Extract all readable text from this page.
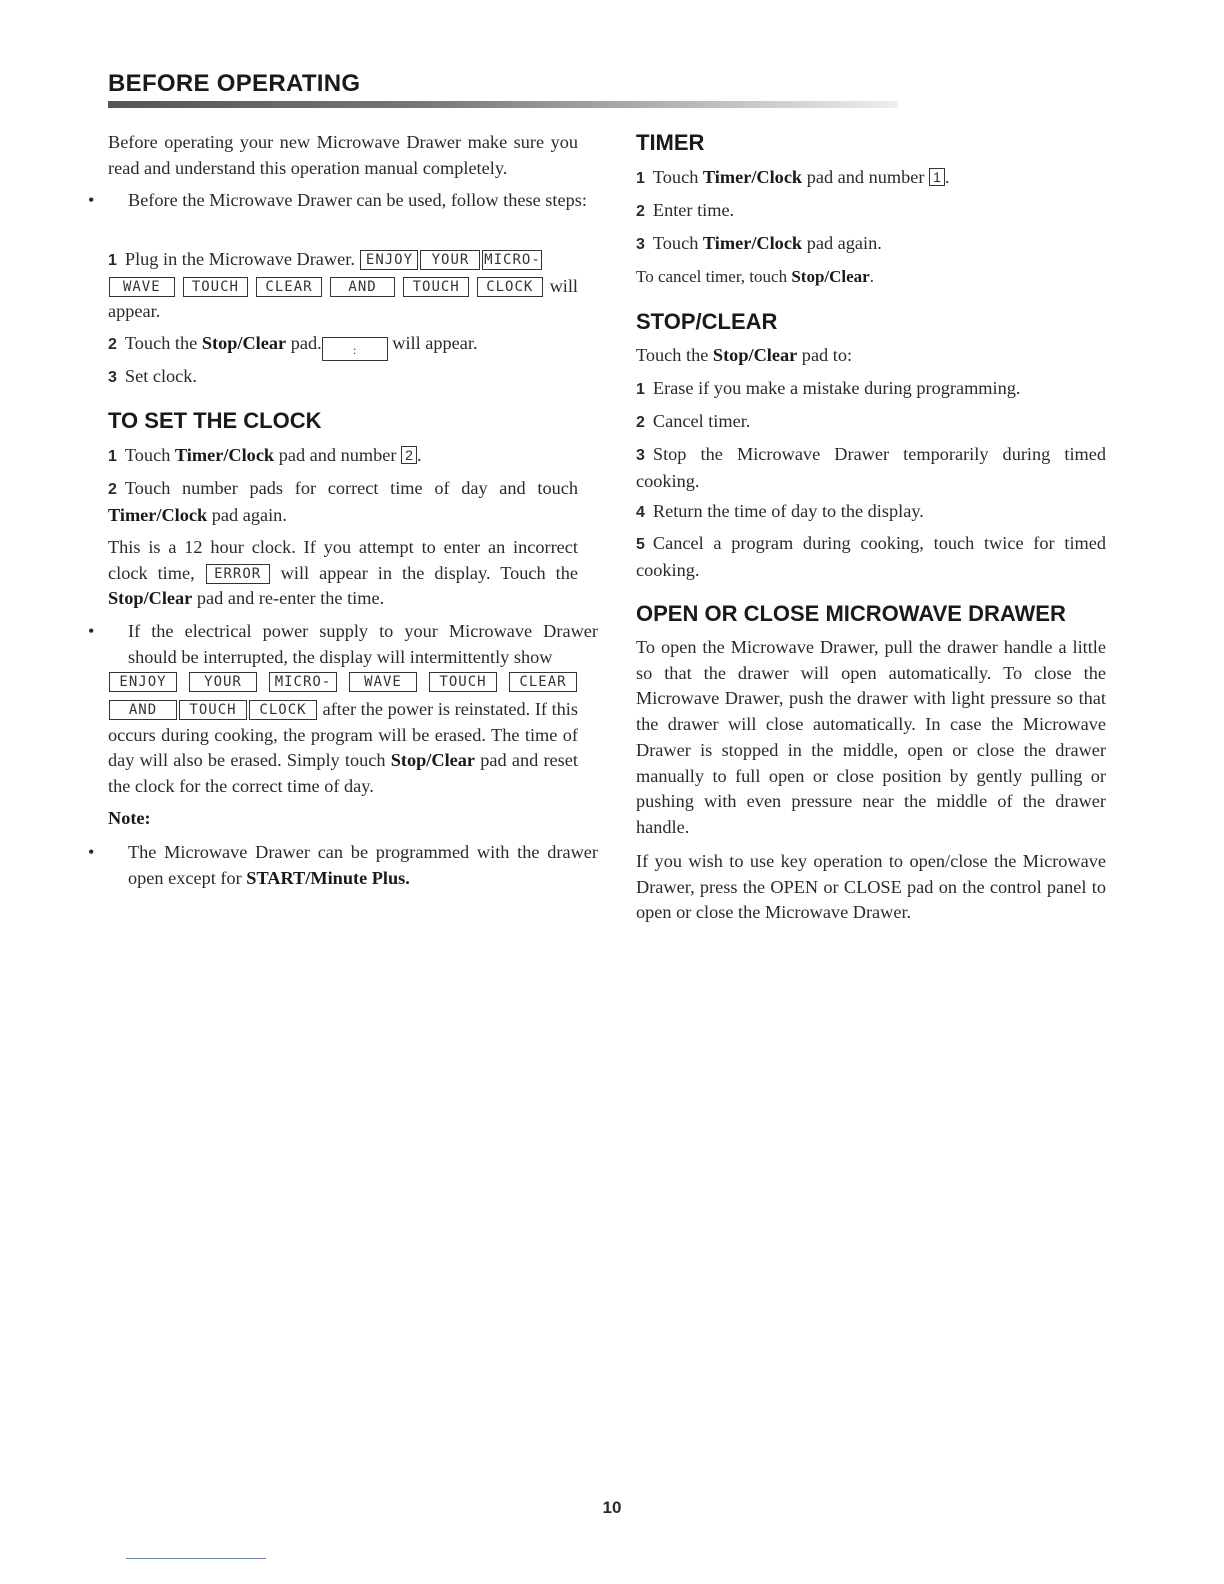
BEFORE OPERATING
Before operating your new Microwave Drawer make sure you read and understand this operation manual completely.
• Before the Microwave Drawer can be used, follow these steps:
1 Plug in the Microwave Drawer. ENJOY YOUR MICRO-
WAVE	TOUCH	CLEAR	AND	TOUCH	CLOCK will
appear.
2 Touch the Stop/Clear pad.	: will appear.
3 Set clock.
TO SET THE CLOCK
1 Touch Timer/Clock pad and number 2 .
2 Touch number pads for correct time of day and touch Timer/Clock pad again.
This is a 12 hour clock. If you attempt to enter an incorrect clock time, ERROR will appear in the display. Touch the Stop/Clear pad and re-enter the time.
• If the electrical power supply to your Microwave Drawer should be interrupted, the display will intermittently show
ENJOY	YOUR	MICRO-	WAVE	TOUCH	CLEAR
AND TOUCH CLOCK after the power is reinstated. If this occurs during cooking, the program will be erased. The time of day will also be erased. Simply touch Stop/Clear pad and reset the clock for the correct time of day.
Note:
• The Microwave Drawer can be programmed with the drawer open except for START/Minute Plus.
TIMER
1 Touch Timer/Clock pad and number 1 .
2 Enter time.
3 Touch Timer/Clock pad again.
To cancel timer, touch Stop/Clear.
STOP/CLEAR
Touch the Stop/Clear pad to:
1 Erase if you make a mistake during programming.
2 Cancel timer.
3 Stop the Microwave Drawer temporarily during timed cooking.
4 Return the time of day to the display.
5 Cancel a program during cooking, touch twice for timed cooking.
OPEN OR CLOSE MICROWAVE DRAWER
To open the Microwave Drawer, pull the drawer handle a little so that the drawer will open automatically. To close the Microwave Drawer, push the drawer with light pressure so that the drawer will close automatically. In case the Microwave Drawer is stopped in the middle, open or close the drawer manually to full open or close position by gently pulling or pushing with even pressure near the middle of the drawer handle.
If you wish to use key operation to open/close the Microwave Drawer, press the OPEN or CLOSE pad on the control panel to open or close the Microwave Drawer.
10
